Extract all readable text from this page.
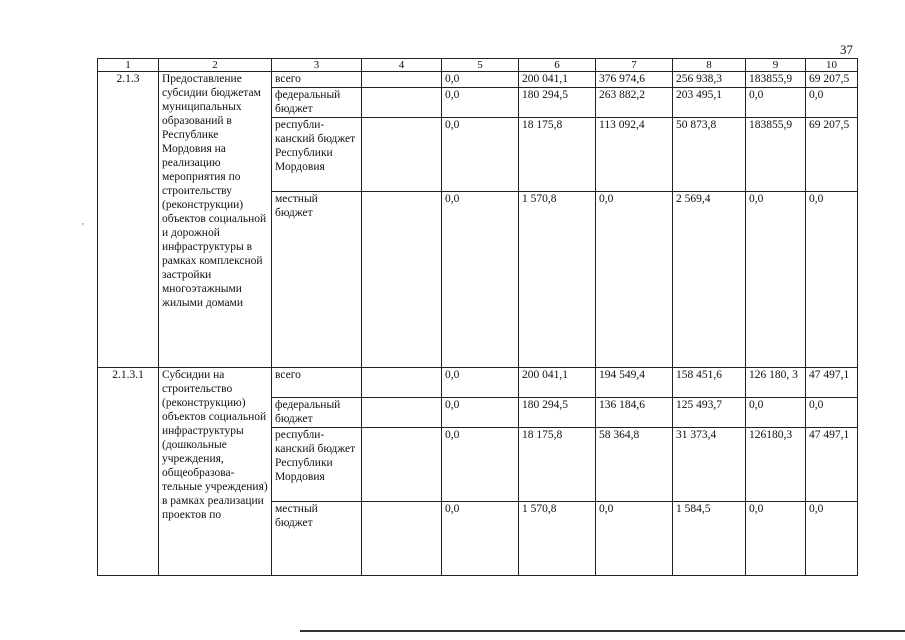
37
1	2	3	4	5	6	7	8	9	10
2.1.3	Предоставление субсидии бюджетам муниципальных образований в Республике Мордовия на реализацию мероприятия по строительству (реконструкции) объектов социальной и дорожной инфраструктуры в рамках комплексной застройки многоэтажными жилыми домами	всего		0,0	200 041,1	376 974,6	256 938,3	183855,9	69 207,5
		федеральный бюджет		0,0	180 294,5	263 882,2	203 495,1	0,0	0,0
		республи-канский бюджет Республики Мордовия		0,0	18 175,8	113 092,4	50 873,8	183855,9	69 207,5
		местный бюджет		0,0	1 570,8	0,0	2 569,4	0,0	0,0
2.1.3.1	Субсидии на строительство (реконструкцию) объектов социальной инфраструктуры (дошкольные учреждения, общеобразова-тельные учреждения) в рамках реализации проектов по	всего		0,0	200 041,1	194 549,4	158 451,6	126 180, 3	47 497,1
		федеральный бюджет		0,0	180 294,5	136 184,6	125 493,7	0,0	0,0
		республи-канский бюджет Республики Мордовия		0,0	18 175,8	58 364,8	31 373,4	126180,3	47 497,1
		местный бюджет		0,0	1 570,8	0,0	1 584,5	0,0	0,0
'
